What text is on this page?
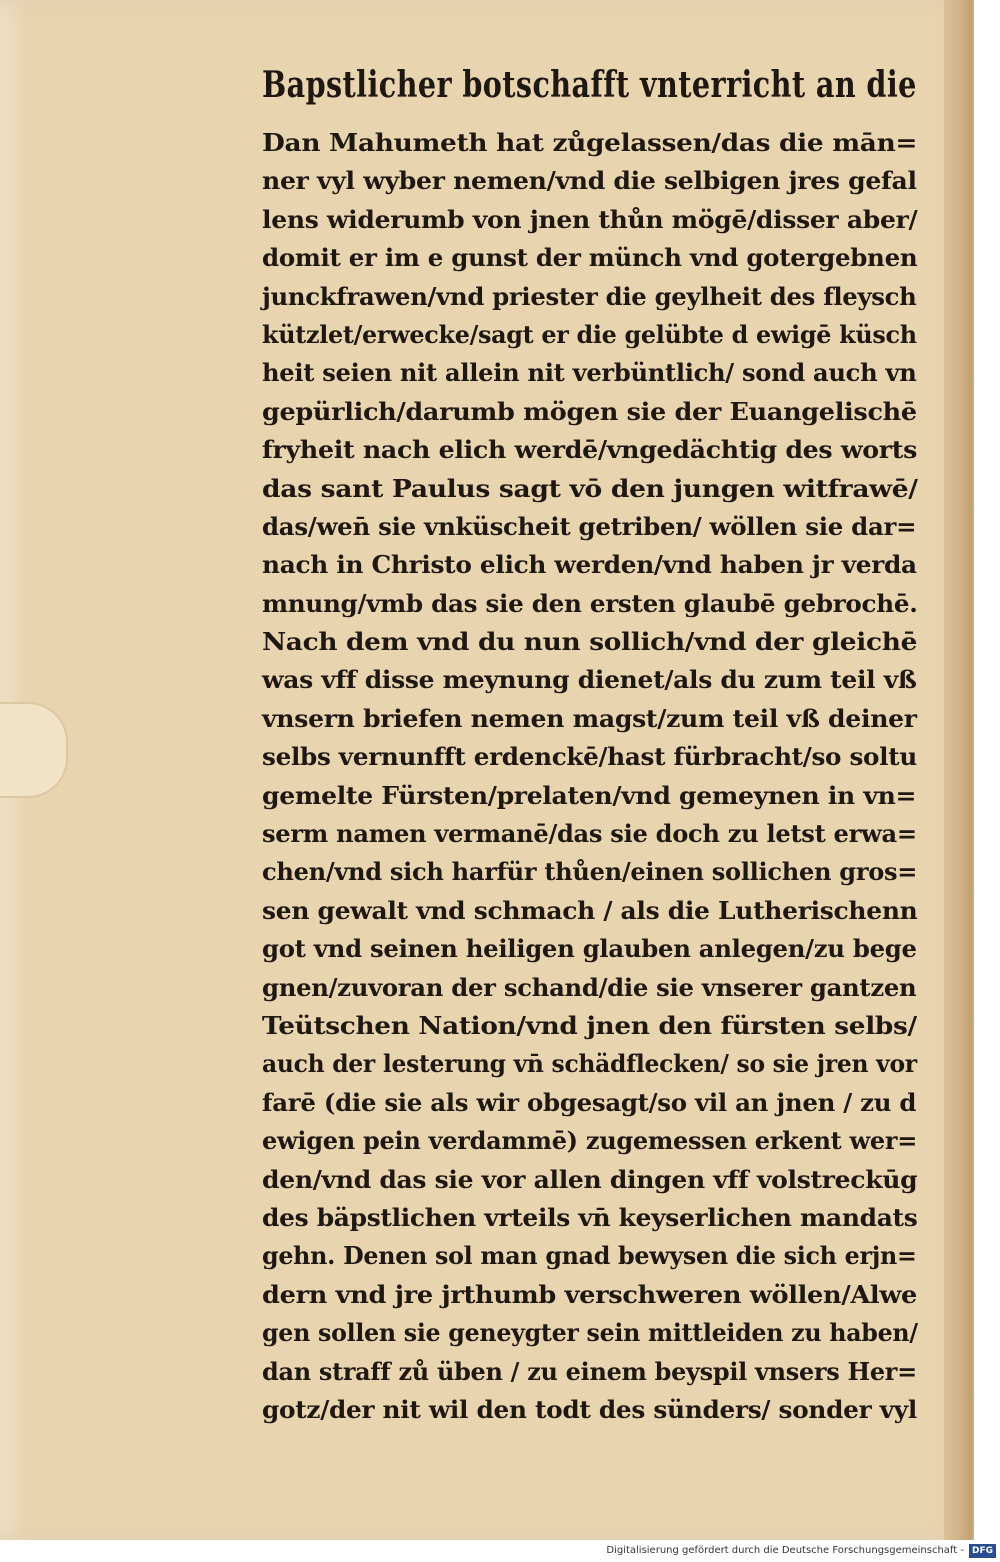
Bapstlicher botschafft vnterricht an die
Dan Mahumeth hat zůgelassen/das die mān=
ner vyl wyber nemen/vnd die selbigen jres gefal
lens widerumb von jnen thůn mögē/disser aber/
domit er im e gunst der münch vnd gotergebnen
junckfrawen/vnd priester die geylheit des fleysch
kützlet/erwecke/sagt er die gelübte d ewigē küsch
heit seien nit allein nit verbüntlich/ sond auch vn
gepürlich/darumb mögen sie der Euangelischē
fryheit nach elich werdē/vngedächtig des worts
das sant Paulus sagt vō den jungen witfrawē/
das/wen̄ sie vnküscheit getriben/ wöllen sie dar=
nach in Christo elich werden/vnd haben jr verda
mnung/vmb das sie den ersten glaubē gebrochē.
Nach dem vnd du nun sollich/vnd der gleichē
was vff disse meynung dienet/als du zum teil vß
vnsern briefen nemen magst/zum teil vß deiner
selbs vernunfft erdenckē/hast fürbracht/so soltu
gemelte Fürsten/prelaten/vnd gemeynen in vn=
serm namen vermanē/das sie doch zu letst erwa=
chen/vnd sich harfür thůen/einen sollichen gros=
sen gewalt vnd schmach / als die Lutherischenn
got vnd seinen heiligen glauben anlegen/zu bege
gnen/zuvoran der schand/die sie vnserer gantzen
Teütschen Nation/vnd jnen den fürsten selbs/
auch der lesterung vn̄ schädflecken/ so sie jren vor
farē (die sie als wir obgesagt/so vil an jnen / zu d
ewigen pein verdammē) zugemessen erkent wer=
den/vnd das sie vor allen dingen vff volstreckūg
des bäpstlichen vrteils vn̄ keyserlichen mandats
gehn. Denen sol man gnad bewysen die sich erjn=
dern vnd jre jrthumb verschweren wöllen/Alwe
gen sollen sie geneygter sein mittleiden zu haben/
dan straff zů üben / zu einem beyspil vnsers Her=
gotz/der nit wil den todt des sünders/ sonder vyl
Digitalisierung gefördert durch die Deutsche Forschungsgemeinschaft - DFG
